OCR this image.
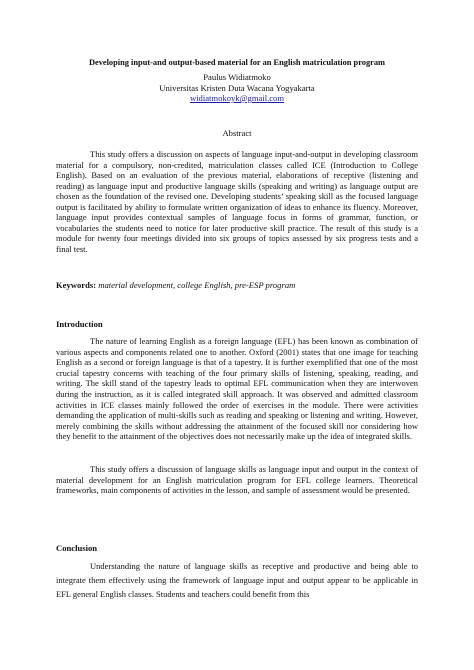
Developing input-and output-based material for an English matriculation program
Paulus Widiatmoko
Universitas Kristen Duta Wacana Yogyakarta
widiatmokoyk@gmail.com
Abstract
This study offers a discussion on aspects of language input-and-output in developing classroom material for a compulsory, non-credited, matriculation classes called ICE (Introduction to College English). Based on an evaluation of the previous material, elaborations of receptive (listening and reading) as language input and productive language skills (speaking and writing) as language output are chosen as the foundation of the revised one. Developing students’ speaking skill as the focused language output is facilitated by ability to formulate written organization of ideas to enhance its fluency. Moreover, language input provides contextual samples of language focus in forms of grammar, function, or vocabularies the students need to notice for later productive skill practice. The result of this study is a module for twenty four meetings divided into six groups of topics assessed by six progress tests and a final test.
Keywords: material development, college English, pre-ESP program
Introduction
The nature of learning English as a foreign language (EFL) has been known as combination of various aspects and components related one to another. Oxford (2001) states that one image for teaching English as a second or foreign language is that of a tapestry. It is further exemplified that one of the most crucial tapestry concerns with teaching of the four primary skills of listening, speaking, reading, and writing. The skill stand of the tapestry leads to optimal EFL communication when they are interwoven during the instruction, as it is called integrated skill approach. It was observed and admitted classroom activities in ICE classes mainly followed the order of exercises in the module. There were activities demanding the application of multi-skills such as reading and speaking or listening and writing. However, merely combining the skills without addressing the attainment of the focused skill nor considering how they benefit to the attainment of the objectives does not necessarily make up the idea of integrated skills.
This study offers a discussion of language skills as language input and output in the context of material development for an English matriculation program for EFL college learners. Theoretical frameworks, main components of activities in the lesson, and sample of assessment would be presented.
Conclusion
Understanding the nature of language skills as receptive and productive and being able to integrate them effectively using the framework of language input and output appear to be applicable in EFL general English classes. Students and teachers could benefit from this
